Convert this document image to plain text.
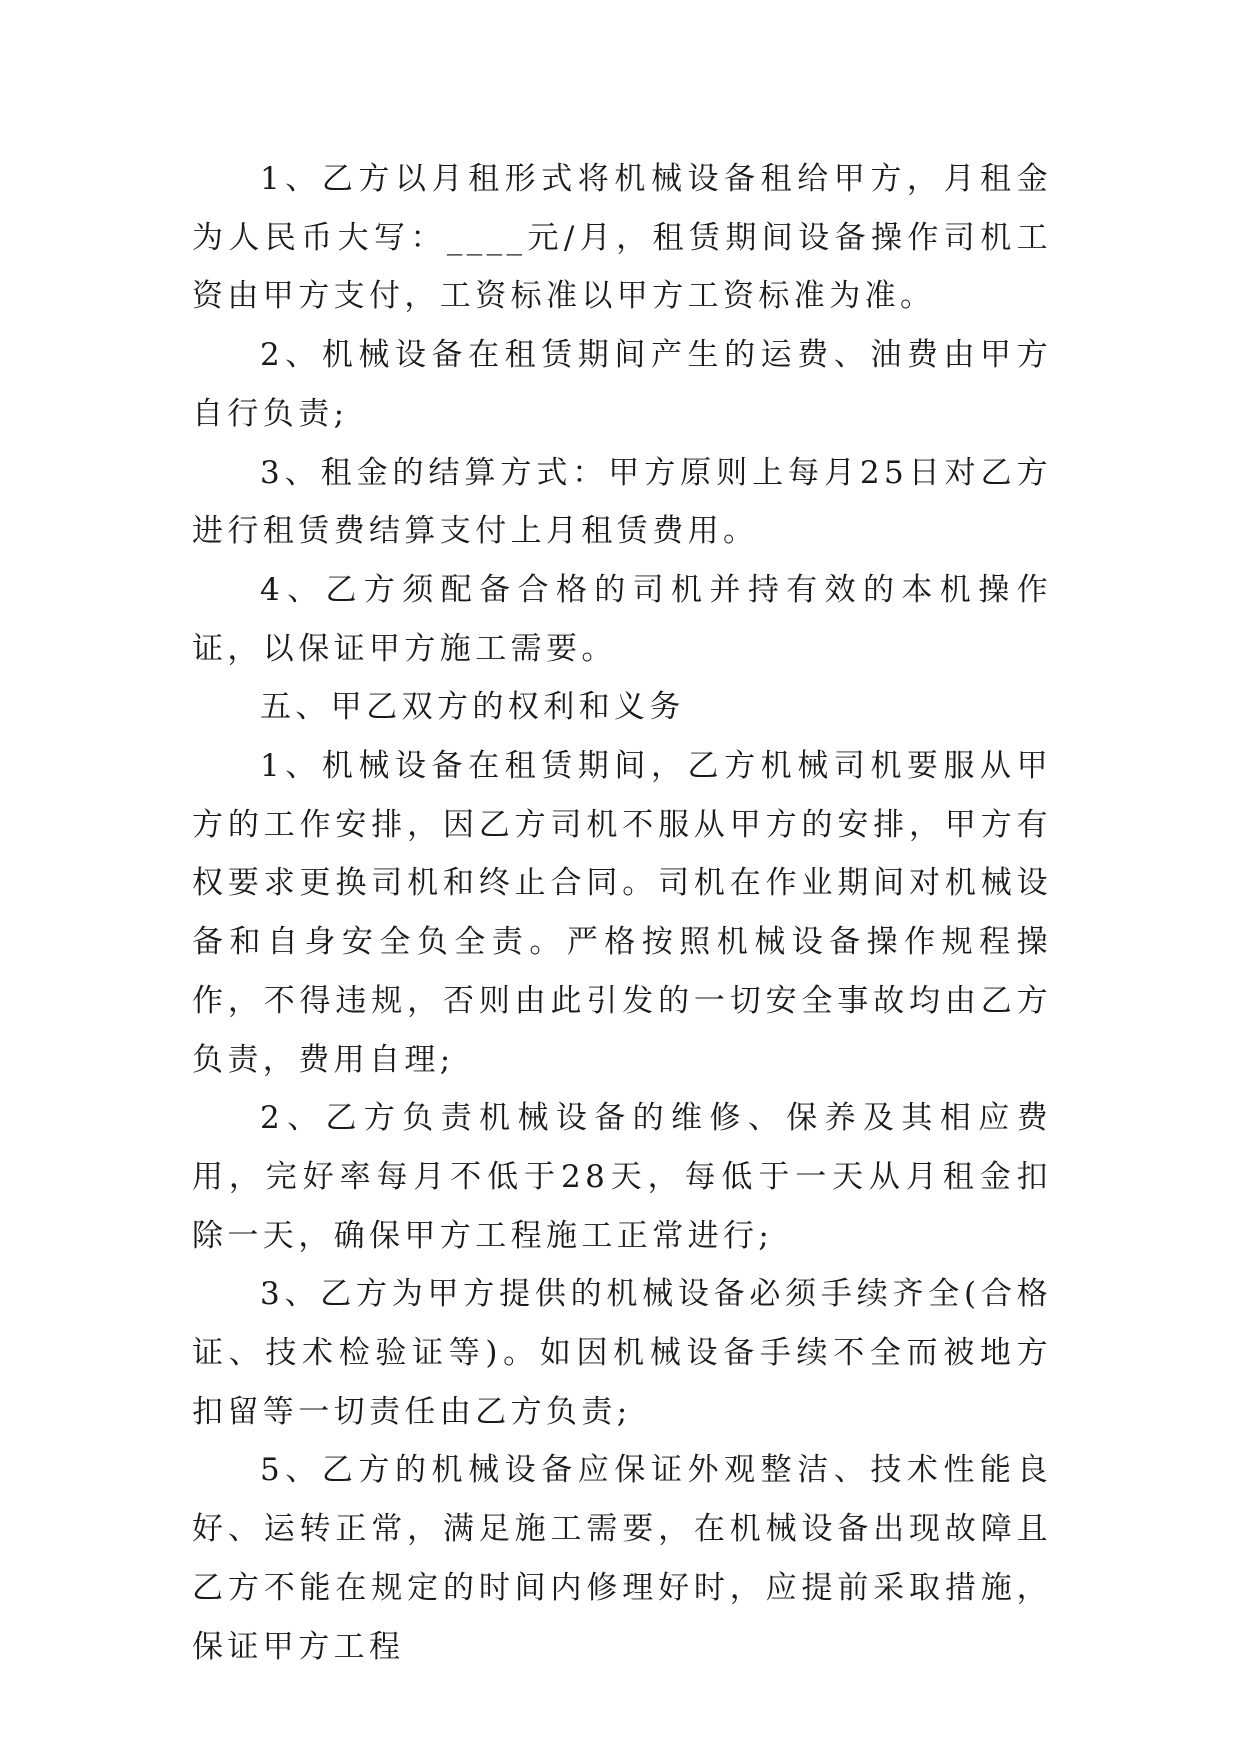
1、乙方以月租形式将机械设备租给甲方，月租金为人民币大写：____元/月，租赁期间设备操作司机工资由甲方支付，工资标准以甲方工资标准为准。

2、机械设备在租赁期间产生的运费、油费由甲方自行负责;

3、租金的结算方式：甲方原则上每月25日对乙方进行租赁费结算支付上月租赁费用。

4、乙方须配备合格的司机并持有效的本机操作证，以保证甲方施工需要。

五、甲乙双方的权利和义务

1、机械设备在租赁期间，乙方机械司机要服从甲方的工作安排，因乙方司机不服从甲方的安排，甲方有权要求更换司机和终止合同。司机在作业期间对机械设备和自身安全负全责。严格按照机械设备操作规程操作，不得违规，否则由此引发的一切安全事故均由乙方负责，费用自理;

2、乙方负责机械设备的维修、保养及其相应费用，完好率每月不低于28天，每低于一天从月租金扣除一天，确保甲方工程施工正常进行;

3、乙方为甲方提供的机械设备必须手续齐全(合格证、技术检验证等)。如因机械设备手续不全而被地方扣留等一切责任由乙方负责;

5、乙方的机械设备应保证外观整洁、技术性能良好、运转正常，满足施工需要，在机械设备出现故障且乙方不能在规定的时间内修理好时，应提前采取措施，保证甲方工程
